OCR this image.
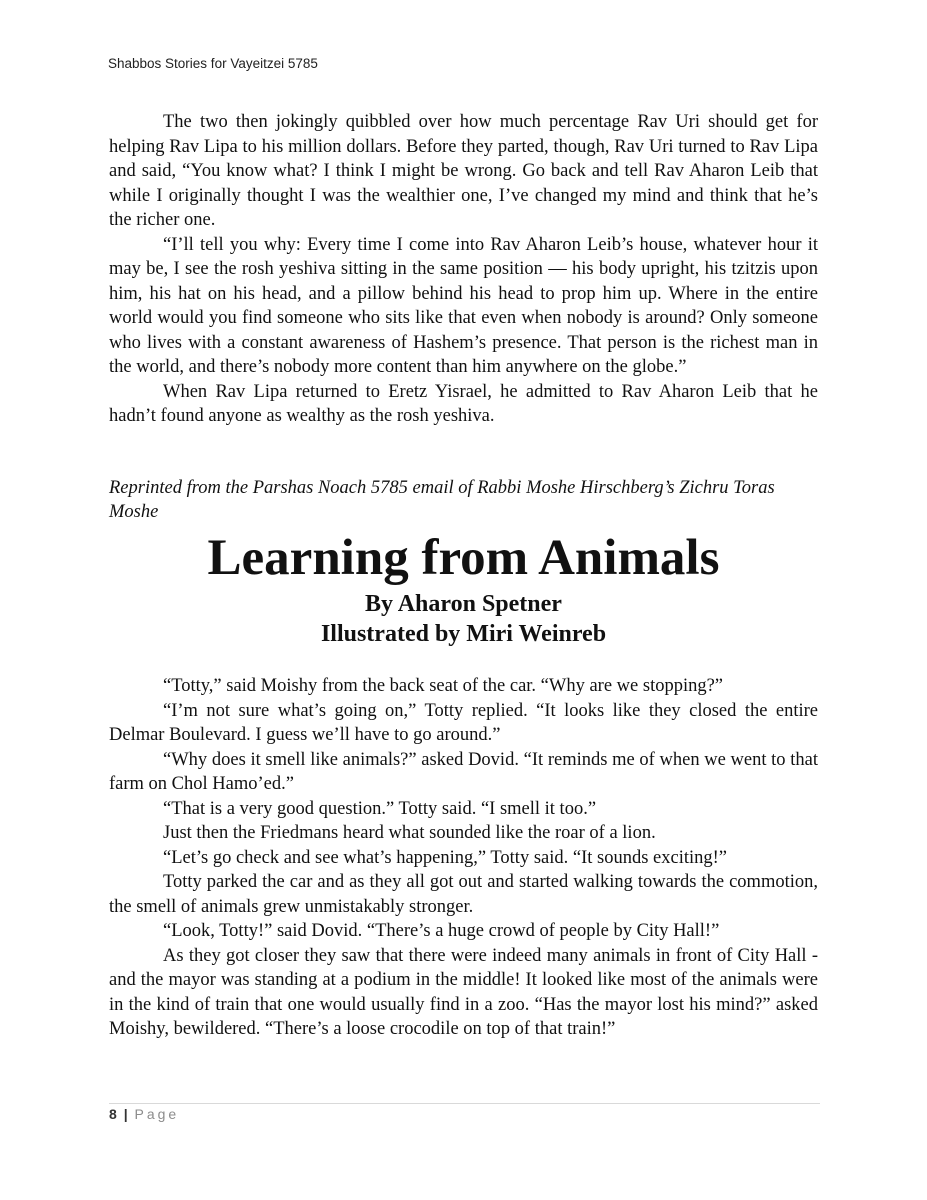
Shabbos Stories for Vayeitzei 5785

The two then jokingly quibbled over how much percentage Rav Uri should get for helping Rav Lipa to his million dollars. Before they parted, though, Rav Uri turned to Rav Lipa and said, “You know what? I think I might be wrong. Go back and tell Rav Aharon Leib that while I originally thought I was the wealthier one, I’ve changed my mind and think that he’s the richer one.

“I’ll tell you why: Every time I come into Rav Aharon Leib’s house, whatever hour it may be, I see the rosh yeshiva sitting in the same position — his body upright, his tzitzis upon him, his hat on his head, and a pillow behind his head to prop him up. Where in the entire world would you find someone who sits like that even when nobody is around? Only someone who lives with a constant awareness of Hashem’s presence. That person is the richest man in the world, and there’s nobody more content than him anywhere on the globe.”

When Rav Lipa returned to Eretz Yisrael, he admitted to Rav Aharon Leib that he hadn’t found anyone as wealthy as the rosh yeshiva.

Reprinted from the Parshas Noach 5785 email of Rabbi Moshe Hirschberg’s Zichru Toras Moshe

Learning from Animals
By Aharon Spetner
Illustrated by Miri Weinreb

“Totty,” said Moishy from the back seat of the car. “Why are we stopping?”

“I’m not sure what’s going on,” Totty replied. “It looks like they closed the entire Delmar Boulevard. I guess we’ll have to go around.”

“Why does it smell like animals?” asked Dovid. “It reminds me of when we went to that farm on Chol Hamo’ed.”

“That is a very good question.” Totty said. “I smell it too.”

Just then the Friedmans heard what sounded like the roar of a lion.

“Let’s go check and see what’s happening,” Totty said. “It sounds exciting!”

Totty parked the car and as they all got out and started walking towards the commotion, the smell of animals grew unmistakably stronger.

“Look, Totty!” said Dovid. “There’s a huge crowd of people by City Hall!”

As they got closer they saw that there were indeed many animals in front of City Hall - and the mayor was standing at a podium in the middle! It looked like most of the animals were in the kind of train that one would usually find in a zoo. “Has the mayor lost his mind?” asked Moishy, bewildered. “There’s a loose crocodile on top of that train!”

8 | Page
